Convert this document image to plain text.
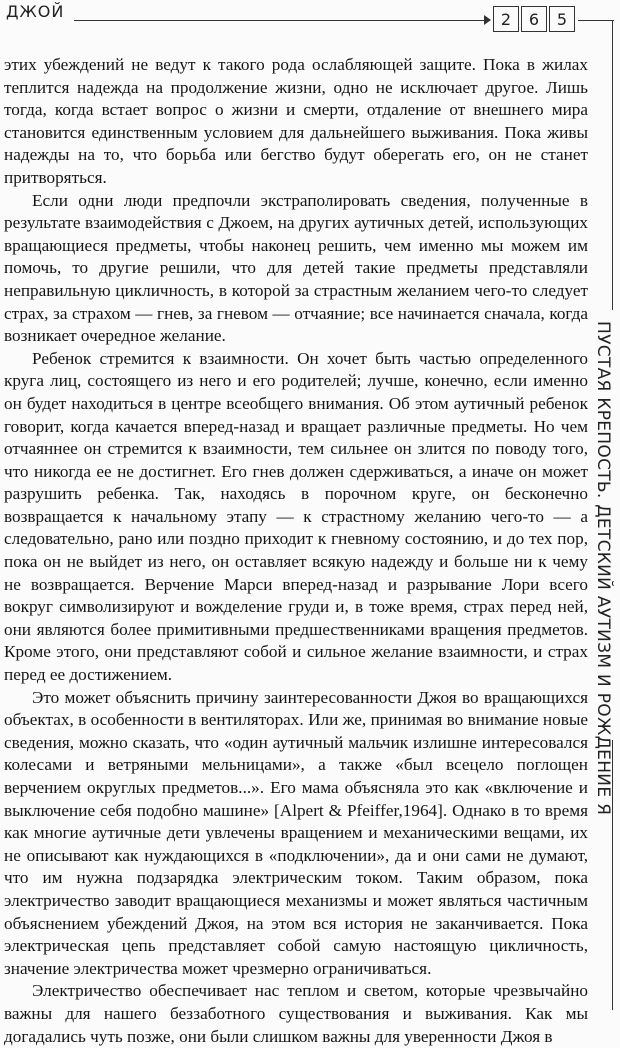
ДЖОЙ	2	6	5
ПУСТАЯ КРЕПОСТЬ. ДЕТСКИЙ АУТИЗМ И РОЖДЕНИЕ Я

этих убеждений не ведут к такого рода ослабляющей защите. Пока в жилах теплится надежда на продолжение жизни, одно не исключает другое. Лишь тогда, когда встает вопрос о жизни и смерти, отдаление от внешнего мира становится единственным условием для дальнейшего выживания. Пока живы надежды на то, что борьба или бегство будут оберегать его, он не станет притворяться.

Если одни люди предпочли экстраполировать сведения, полученные в результате взаимодействия с Джоем, на других аутичных детей, использующих вращающиеся предметы, чтобы наконец решить, чем именно мы можем им помочь, то другие решили, что для детей такие предметы представляли неправильную цикличность, в которой за страстным желанием чего-то следует страх, за страхом — гнев, за гневом — отчаяние; все начинается сначала, когда возникает очередное желание.

Ребенок стремится к взаимности. Он хочет быть частью определенного круга лиц, состоящего из него и его родителей; лучше, конечно, если именно он будет находиться в центре всеобщего внимания. Об этом аутичный ребенок говорит, когда качается вперед-назад и вращает различные предметы. Но чем отчаяннее он стремится к взаимности, тем сильнее он злится по поводу того, что никогда ее не достигнет. Его гнев должен сдерживаться, а иначе он может разрушить ребенка. Так, находясь в порочном круге, он бесконечно возвращается к начальному этапу — к страстному желанию чего-то — а следовательно, рано или поздно приходит к гневному состоянию, и до тех пор, пока он не выйдет из него, он оставляет всякую надежду и больше ни к чему не возвращается. Верчение Марси вперед-назад и разрывание Лори всего вокруг символизируют и вожделение груди и, в тоже время, страх перед ней, они являются более примитивными предшественниками вращения предметов. Кроме этого, они представляют собой и сильное желание взаимности, и страх перед ее достижением.

Это может объяснить причину заинтересованности Джоя во вращающихся объектах, в особенности в вентиляторах. Или же, принимая во внимание новые сведения, можно сказать, что «один аутичный мальчик излишне интересовался колесами и ветряными мельницами», а также «был всецело поглощен верчением округлых предметов...». Его мама объясняла это как «включение и выключение себя подобно машине» [Alpert & Pfeiffer,1964]. Однако в то время как многие аутичные дети увлечены вращением и механическими вещами, их не описывают как нуждающихся в «подключении», да и они сами не думают, что им нужна подзарядка электрическим током. Таким образом, пока электричество заводит вращающиеся механизмы и может являться частичным объяснением убеждений Джоя, на этом вся история не заканчивается. Пока электрическая цепь представляет собой самую настоящую цикличность, значение электричества может чрезмерно ограничиваться.

Электричество обеспечивает нас теплом и светом, которые чрезвычайно важны для нашего беззаботного существования и выживания. Как мы догадались чуть позже, они были слишком важны для уверенности Джоя в
